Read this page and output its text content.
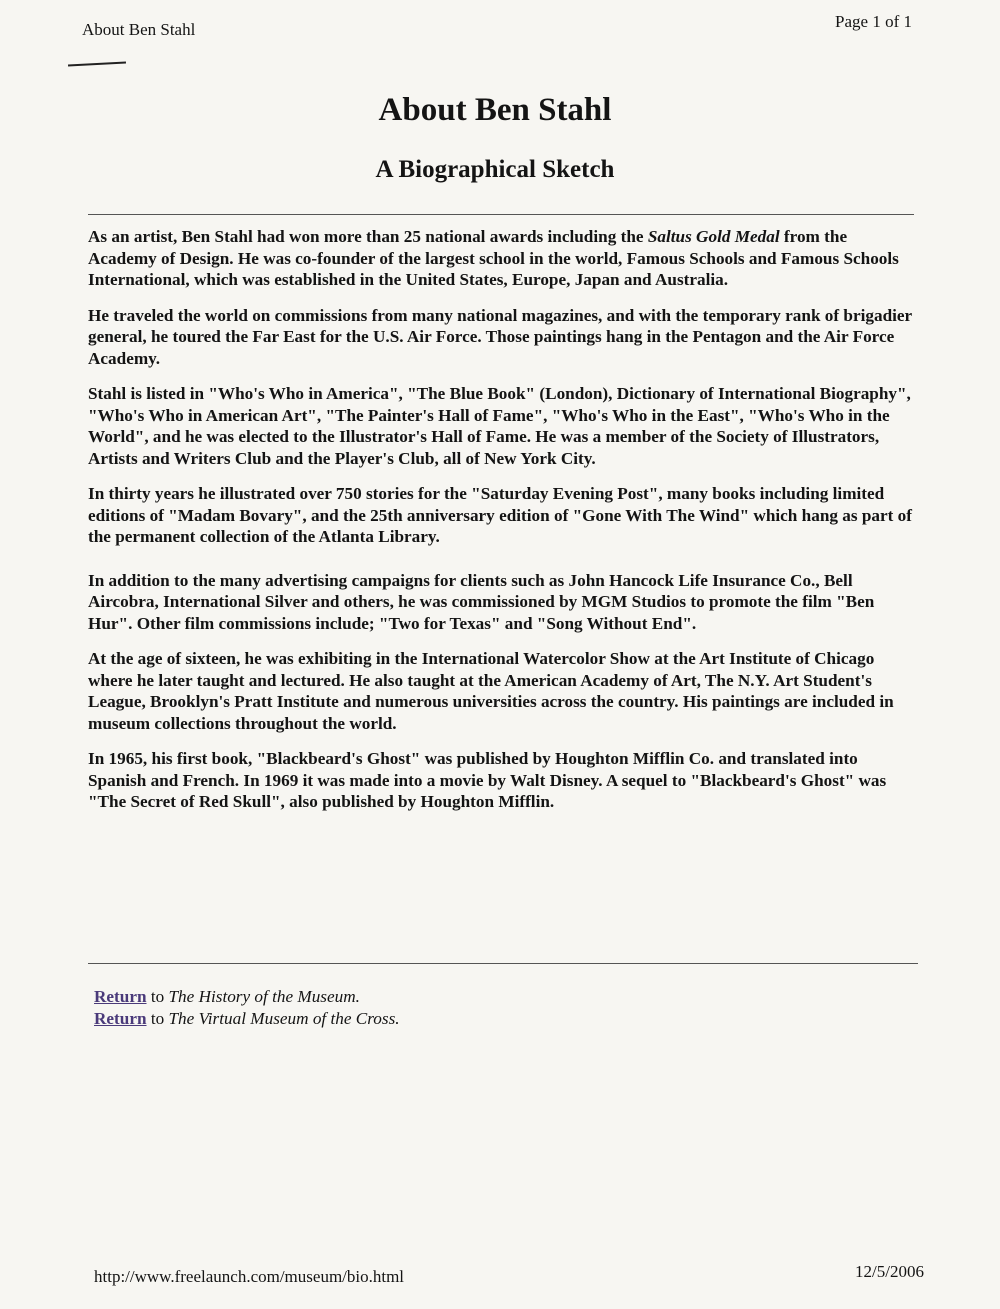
About Ben Stahl	Page 1 of 1
About Ben Stahl
A Biographical Sketch

As an artist, Ben Stahl had won more than 25 national awards including the Saltus Gold Medal from the Academy of Design. He was co-founder of the largest school in the world, Famous Schools and Famous Schools International, which was established in the United States, Europe, Japan and Australia.

He traveled the world on commissions from many national magazines, and with the temporary rank of brigadier general, he toured the Far East for the U.S. Air Force. Those paintings hang in the Pentagon and the Air Force Academy.

Stahl is listed in "Who's Who in America", "The Blue Book" (London), Dictionary of International Biography", "Who's Who in American Art", "The Painter's Hall of Fame", "Who's Who in the East", "Who's Who in the World", and he was elected to the Illustrator's Hall of Fame. He was a member of the Society of Illustrators, Artists and Writers Club and the Player's Club, all of New York City.

In thirty years he illustrated over 750 stories for the "Saturday Evening Post", many books including limited editions of "Madam Bovary", and the 25th anniversary edition of "Gone With The Wind" which hang as part of the permanent collection of the Atlanta Library.

In addition to the many advertising campaigns for clients such as John Hancock Life Insurance Co., Bell Aircobra, International Silver and others, he was commissioned by MGM Studios to promote the film "Ben Hur". Other film commissions include; "Two for Texas" and "Song Without End".

At the age of sixteen, he was exhibiting in the International Watercolor Show at the Art Institute of Chicago where he later taught and lectured. He also taught at the American Academy of Art, The N.Y. Art Student's League, Brooklyn's Pratt Institute and numerous universities across the country. His paintings are included in museum collections throughout the world.

In 1965, his first book, "Blackbeard's Ghost" was published by Houghton Mifflin Co. and translated into Spanish and French. In 1969 it was made into a movie by Walt Disney. A sequel to "Blackbeard's Ghost" was "The Secret of Red Skull", also published by Houghton Mifflin.

Return to The History of the Museum.
Return to The Virtual Museum of the Cross.
http://www.freelaunch.com/museum/bio.html	12/5/2006
